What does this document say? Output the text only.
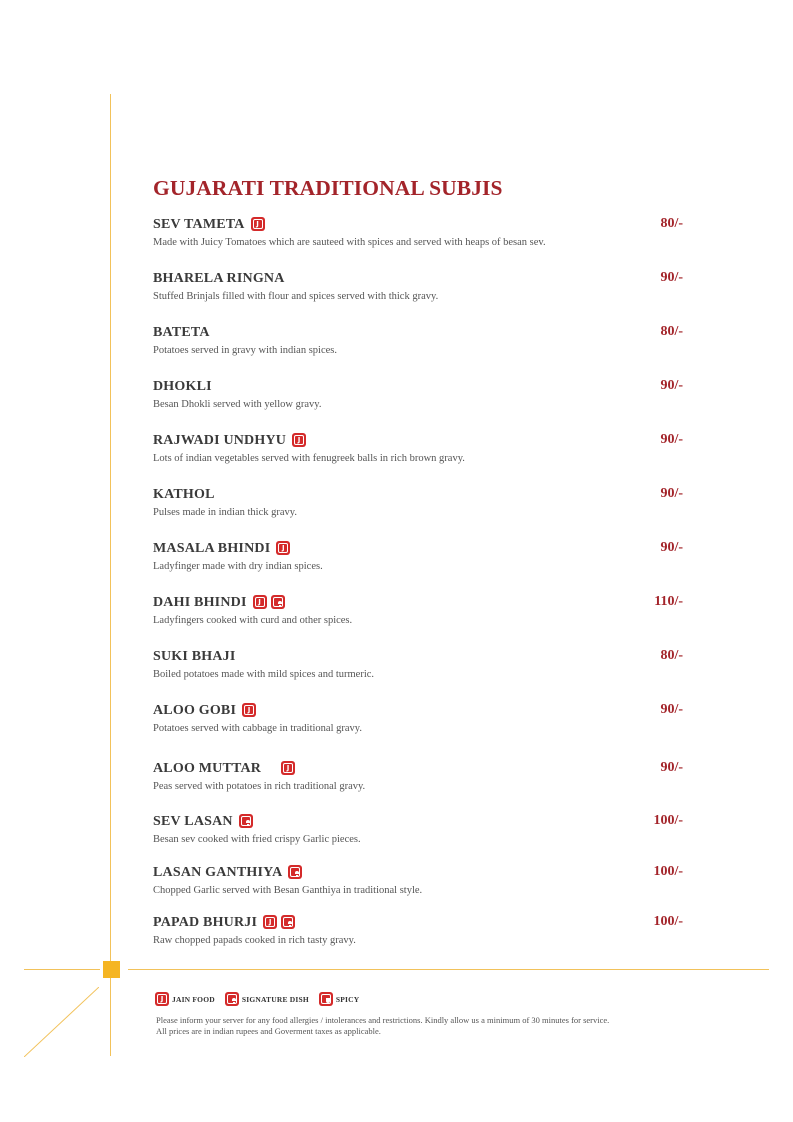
GUJARATI TRADITIONAL SUBJIS
SEV TAMETA	J	80/-
Made with Juicy Tomatoes which are sauteed with spices and served with heaps of besan sev.
BHARELA RINGNA	90/-
Stuffed Brinjals filled with flour and spices served with thick gravy.
BATETA	80/-
Potatoes served in gravy with indian spices.
DHOKLI	90/-
Besan Dhokli served with yellow gravy.
RAJWADI UNDHYU	J	90/-
Lots of indian vegetables served with fenugreek balls in rich brown gravy.
KATHOL	90/-
Pulses made in indian thick gravy.
MASALA BHINDI	J	90/-
Ladyfinger made with dry indian spices.
DAHI BHINDI	J	110/-
Ladyfingers cooked with curd and other spices.
SUKI BHAJI	80/-
Boiled potatoes made with mild spices and turmeric.
ALOO GOBI	J	90/-
Potatoes served with cabbage in traditional gravy.
ALOO MUTTAR	J	90/-
Peas served with potatoes in rich traditional gravy.
SEV LASAN	100/-
Besan sev cooked with fried crispy Garlic pieces.
LASAN GANTHIYA	100/-
Chopped Garlic served with Besan Ganthiya in traditional style.
PAPAD BHURJI	J	100/-
Raw chopped papads cooked in rich tasty gravy.
J	JAIN FOOD	SIGNATURE DISH	SPICY
Please inform your server for any food allergies / intolerances and restrictions. Kindly allow us a minimum of 30 minutes for service.
All prices are in indian rupees and Goverment taxes as applicable.
